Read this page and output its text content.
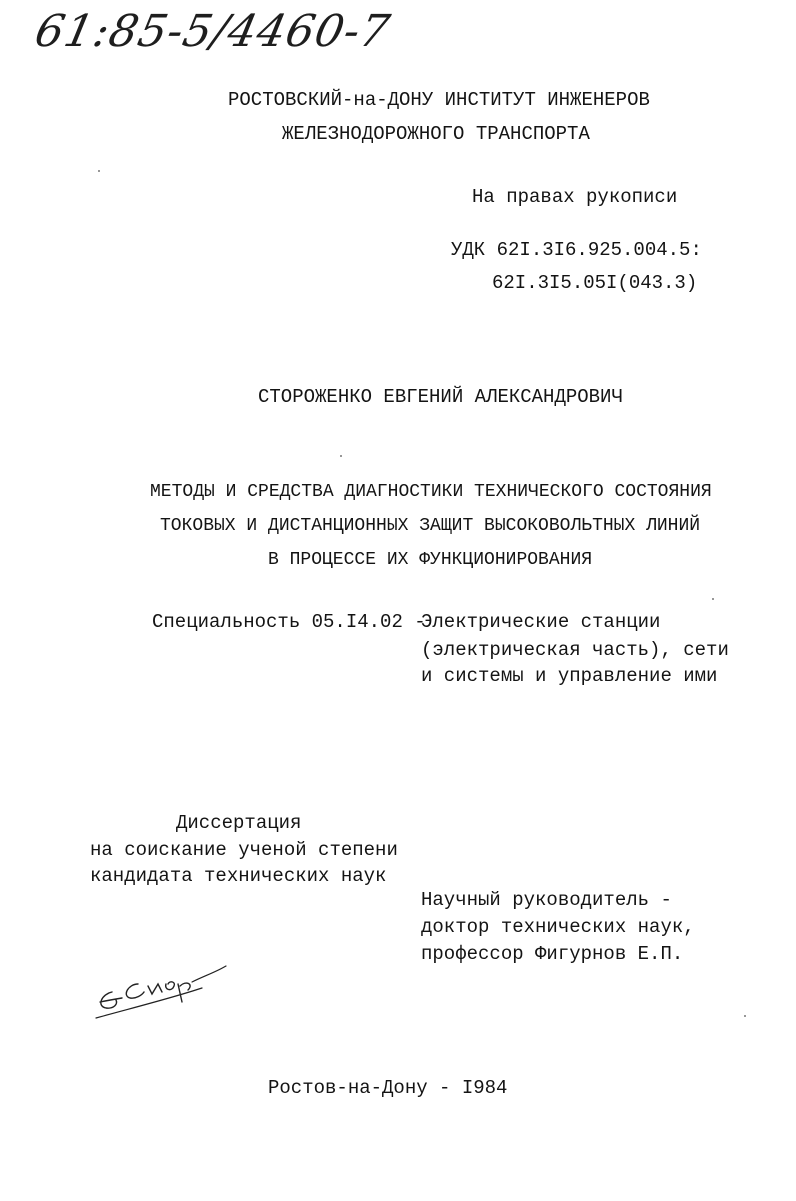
61:85-5/4460-7
РОСТОВСКИЙ-на-ДОНУ ИНСТИТУТ ИНЖЕНЕРОВ
ЖЕЛЕЗНОДОРОЖНОГО ТРАНСПОРТА
На правах рукописи
УДК 62I.3I6.925.004.5:
62I.3I5.05I(043.3)
СТОРОЖЕНКО ЕВГЕНИЙ АЛЕКСАНДРОВИЧ
МЕТОДЫ И СРЕДСТВА ДИАГНОСТИКИ ТЕХНИЧЕСКОГО СОСТОЯНИЯ
ТОКОВЫХ И ДИСТАНЦИОННЫХ ЗАЩИТ ВЫСОКОВОЛЬТНЫХ ЛИНИЙ
В ПРОЦЕССЕ ИХ ФУНКЦИОНИРОВАНИЯ
Специальность 05.I4.02 -
Электрические станции
(электрическая часть), сети
и системы и управление ими
Диссертация
на соискание ученой степени
кандидата технических наук
Научный руководитель -
доктор технических наук,
профессор Фигурнов Е.П.
Ростов-на-Дону - I984
